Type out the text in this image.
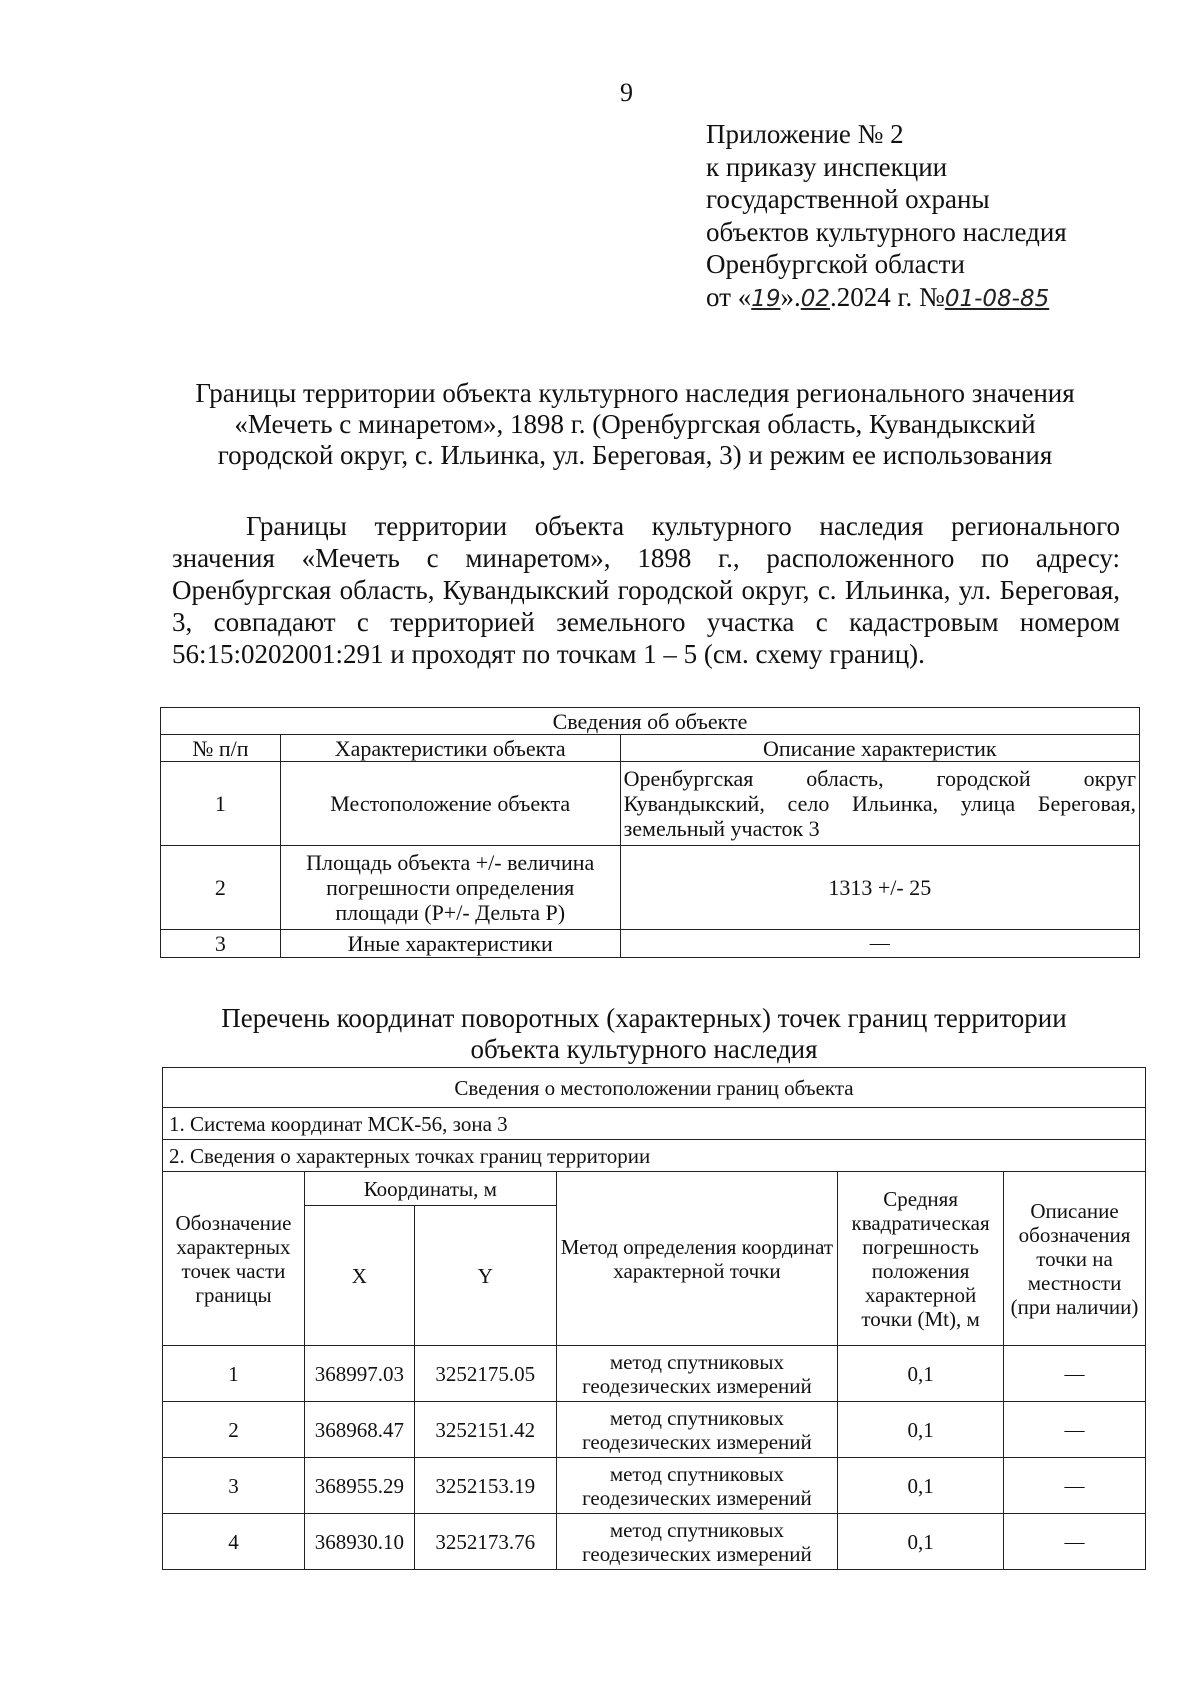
9
Приложение № 2
к приказу инспекции
государственной охраны
объектов культурного наследия
Оренбургской области
от «19».02.2024 г. №01-08-85
Границы территории объекта культурного наследия регионального значения
«Мечеть с минаретом», 1898 г. (Оренбургская область, Кувандыкский
городской округ, с. Ильинка, ул. Береговая, 3) и режим ее использования
Границы территории объекта культурного наследия регионального значения «Мечеть с минаретом», 1898 г., расположенного по адресу: Оренбургская область, Кувандыкский городской округ, с. Ильинка, ул. Береговая, 3, совпадают с территорией земельного участка с кадастровым номером 56:15:0202001:291 и проходят по точкам 1 – 5 (см. схему границ).
Сведения об объекте		
№ п/п	Характеристики объекта	Описание характеристик
1	Местоположение объекта	Оренбургская область, городской округ Кувандыкский, село Ильинка, улица Береговая, земельный участок 3
2	Площадь объекта +/- величина погрешности определения площади (P+/- Дельта P)	1313 +/- 25
3	Иные характеристики	—
Перечень координат поворотных (характерных) точек границ территории
объекта культурного наследия
Сведения о местоположении границ объекта					
1. Система координат МСК-56, зона 3					
2. Сведения о характерных точках границ территории					
Обозначение характерных точек части границы	Координаты, м		Метод определения координат характерной точки	Средняя квадратическая погрешность положения характерной точки (Mt), м	Описание обозначения точки на местности (при наличии)
	X	Y			
1	368997.03	3252175.05	метод спутниковых геодезических измерений	0,1	—
2	368968.47	3252151.42	метод спутниковых геодезических измерений	0,1	—
3	368955.29	3252153.19	метод спутниковых геодезических измерений	0,1	—
4	368930.10	3252173.76	метод спутниковых геодезических измерений	0,1	—
